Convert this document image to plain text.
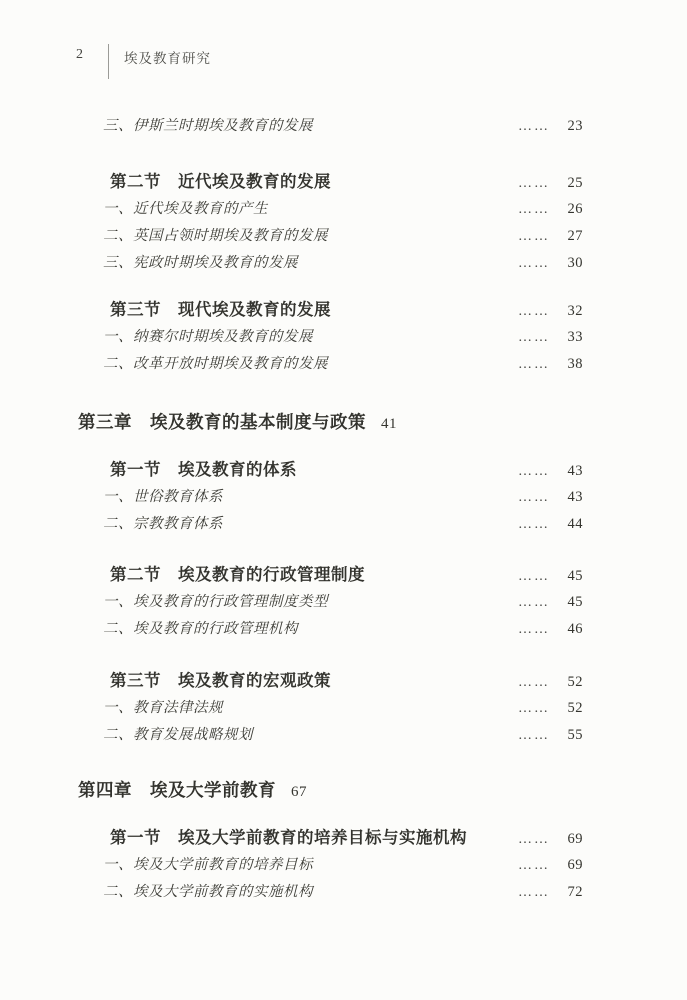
2	埃及教育研究
三、伊斯兰时期埃及教育的发展	……	23
第二节　近代埃及教育的发展	……	25
一、近代埃及教育的产生	……	26
二、英国占领时期埃及教育的发展	……	27
三、宪政时期埃及教育的发展	……	30
第三节　现代埃及教育的发展	……	32
一、纳赛尔时期埃及教育的发展	……	33
二、改革开放时期埃及教育的发展	……	38
第三章　埃及教育的基本制度与政策 41
第一节　埃及教育的体系	……	43
一、世俗教育体系	……	43
二、宗教教育体系	……	44
第二节　埃及教育的行政管理制度	……	45
一、埃及教育的行政管理制度类型	……	45
二、埃及教育的行政管理机构	……	46
第三节　埃及教育的宏观政策	……	52
一、教育法律法规	……	52
二、教育发展战略规划	……	55
第四章　埃及大学前教育 67
第一节　埃及大学前教育的培养目标与实施机构	……	69
一、埃及大学前教育的培养目标	……	69
二、埃及大学前教育的实施机构	……	72
